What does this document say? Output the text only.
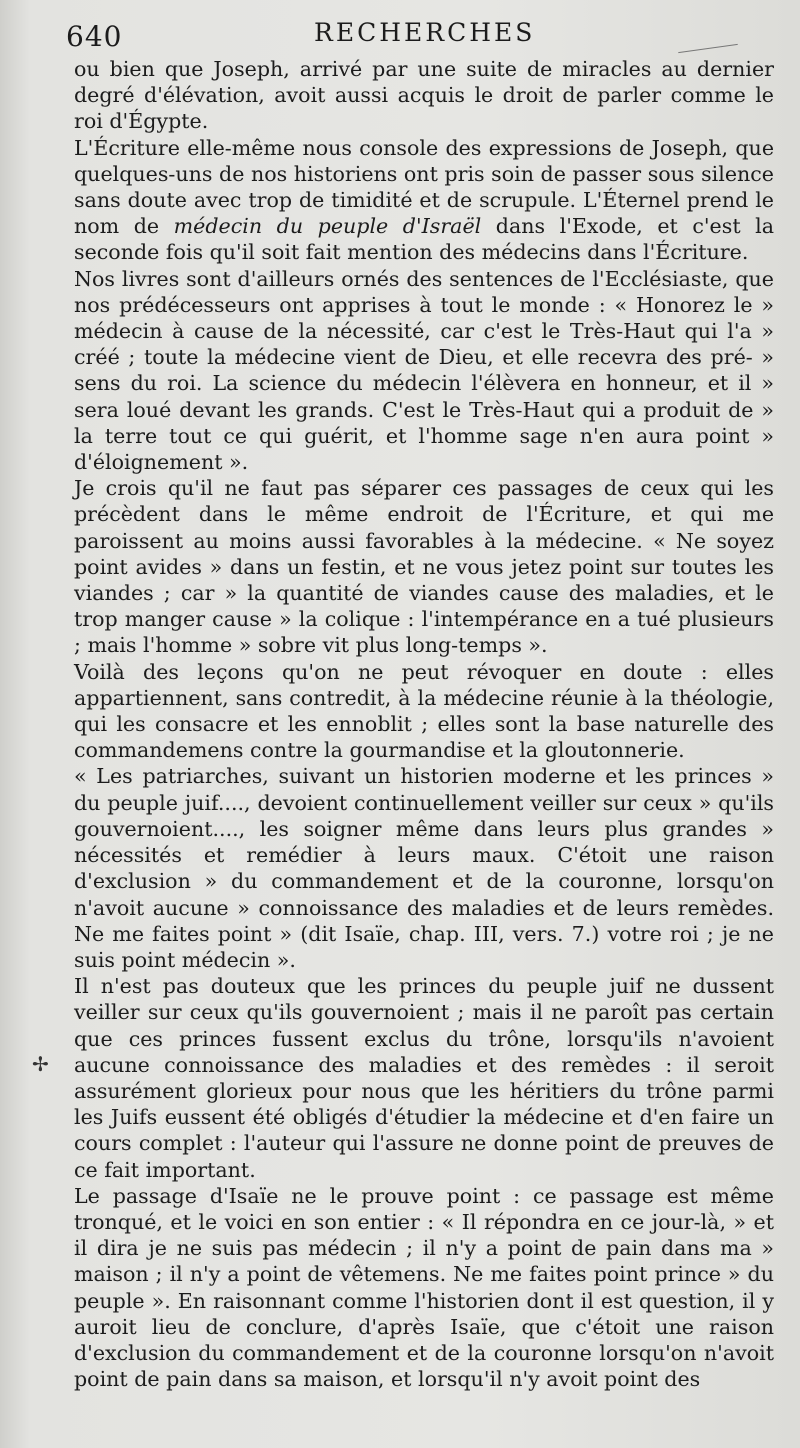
640	RECHERCHES

ou bien que Joseph, arrivé par une suite de miracles au dernier degré d'élévation, avoit aussi acquis le droit de parler comme le roi d'Égypte.

L'Écriture elle-même nous console des expressions de Joseph, que quelques-uns de nos historiens ont pris soin de passer sous silence sans doute avec trop de timidité et de scrupule. L'Éternel prend le nom de médecin du peuple d'Israël dans l'Exode, et c'est la seconde fois qu'il soit fait mention des médecins dans l'Écriture.

Nos livres sont d'ailleurs ornés des sentences de l'Ecclésiaste, que nos prédécesseurs ont apprises à tout le monde : « Honorez le » médecin à cause de la nécessité, car c'est le Très-Haut qui l'a » créé ; toute la médecine vient de Dieu, et elle recevra des pré- » sens du roi. La science du médecin l'élèvera en honneur, et il » sera loué devant les grands. C'est le Très-Haut qui a produit de » la terre tout ce qui guérit, et l'homme sage n'en aura point » d'éloignement ».

Je crois qu'il ne faut pas séparer ces passages de ceux qui les précèdent dans le même endroit de l'Écriture, et qui me paroissent au moins aussi favorables à la médecine. « Ne soyez point avides » dans un festin, et ne vous jetez point sur toutes les viandes ; car » la quantité de viandes cause des maladies, et le trop manger cause » la colique : l'intempérance en a tué plusieurs ; mais l'homme » sobre vit plus long-temps ».

Voilà des leçons qu'on ne peut révoquer en doute : elles appartiennent, sans contredit, à la médecine réunie à la théologie, qui les consacre et les ennoblit ; elles sont la base naturelle des commandemens contre la gourmandise et la gloutonnerie.

« Les patriarches, suivant un historien moderne et les princes » du peuple juif...., devoient continuellement veiller sur ceux » qu'ils gouvernoient...., les soigner même dans leurs plus grandes » nécessités et remédier à leurs maux. C'étoit une raison d'exclusion » du commandement et de la couronne, lorsqu'on n'avoit aucune » connoissance des maladies et de leurs remèdes. Ne me faites point » (dit Isaïe, chap. III, vers. 7.) votre roi ; je ne suis point médecin ».

Il n'est pas douteux que les princes du peuple juif ne dussent veiller sur ceux qu'ils gouvernoient ; mais il ne paroît pas certain que ces princes fussent exclus du trône, lorsqu'ils n'avoient aucune connoissance des maladies et des remèdes : il seroit assurément glorieux pour nous que les héritiers du trône parmi les Juifs eussent été obligés d'étudier la médecine et d'en faire un cours complet : l'auteur qui l'assure ne donne point de preuves de ce fait important.

Le passage d'Isaïe ne le prouve point : ce passage est même tronqué, et le voici en son entier : « Il répondra en ce jour-là, » et il dira je ne suis pas médecin ; il n'y a point de pain dans ma » maison ; il n'y a point de vêtemens. Ne me faites point prince » du peuple ». En raisonnant comme l'historien dont il est question, il y auroit lieu de conclure, d'après Isaïe, que c'étoit une raison d'exclusion du commandement et de la couronne lorsqu'on n'avoit point de pain dans sa maison, et lorsqu'il n'y avoit point des

✢
